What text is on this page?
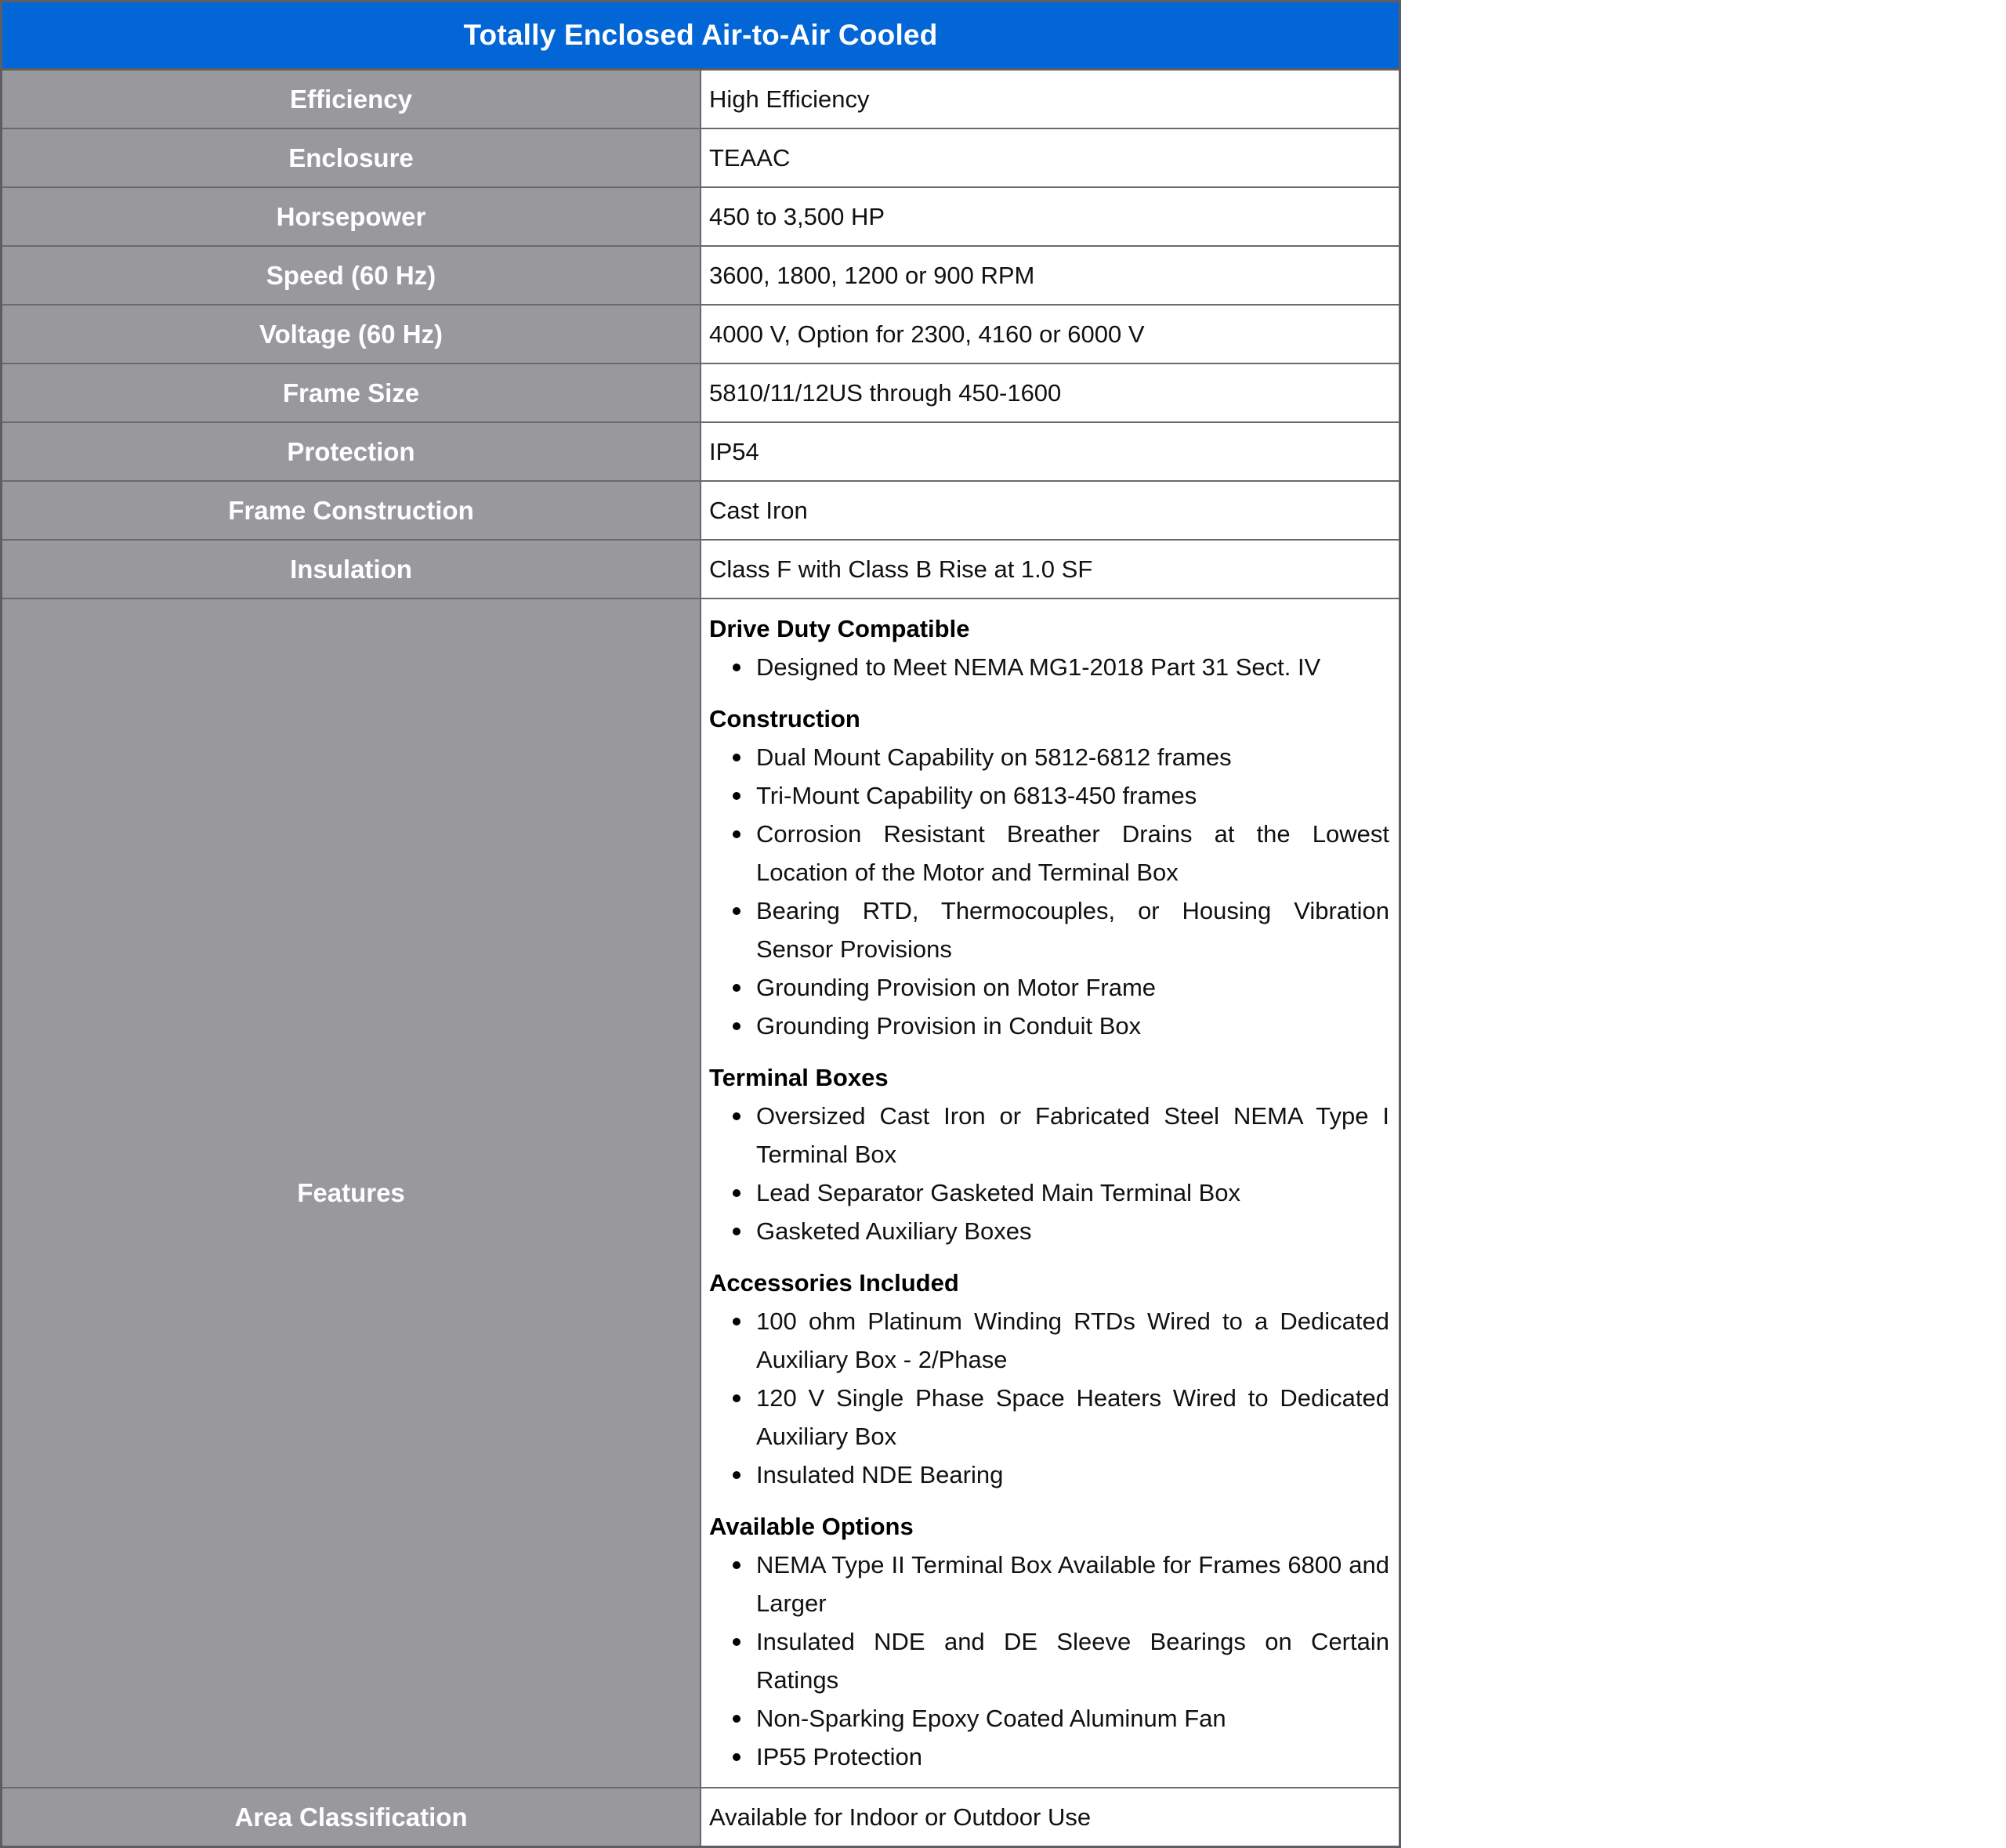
Totally Enclosed Air-to-Air Cooled	
Efficiency	High Efficiency
Enclosure	TEAAC
Horsepower	450 to 3,500 HP
Speed (60 Hz)	3600, 1800, 1200 or 900 RPM
Voltage (60 Hz)	4000 V, Option for 2300, 4160 or 6000 V
Frame Size	5810/11/12US through 450-1600
Protection	IP54
Frame Construction	Cast Iron
Insulation	Class F with Class B Rise at 1.0 SF
Features	
Drive Duty Compatible
Designed to Meet NEMA MG1-2018 Part 31 Sect. IV
Construction
Dual Mount Capability on 5812-6812 frames
Tri-Mount Capability on 6813-450 frames
Corrosion Resistant Breather Drains at the Lowest Location of the Motor and Terminal Box
Bearing RTD, Thermocouples, or Housing Vibration Sensor Provisions
Grounding Provision on Motor Frame
Grounding Provision in Conduit Box
Terminal Boxes
Oversized Cast Iron or Fabricated Steel NEMA Type I Terminal Box
Lead Separator Gasketed Main Terminal Box
Gasketed Auxiliary Boxes
Accessories Included
100 ohm Platinum Winding RTDs Wired to a Dedicated Auxiliary Box - 2/Phase
120 V Single Phase Space Heaters Wired to Dedicated Auxiliary Box
Insulated NDE Bearing
Available Options
NEMA Type II Terminal Box Available for Frames 6800 and Larger
Insulated NDE and DE Sleeve Bearings on Certain Ratings
Non-Sparking Epoxy Coated Aluminum Fan
IP55 Protection

Area Classification	Available for Indoor or Outdoor Use
